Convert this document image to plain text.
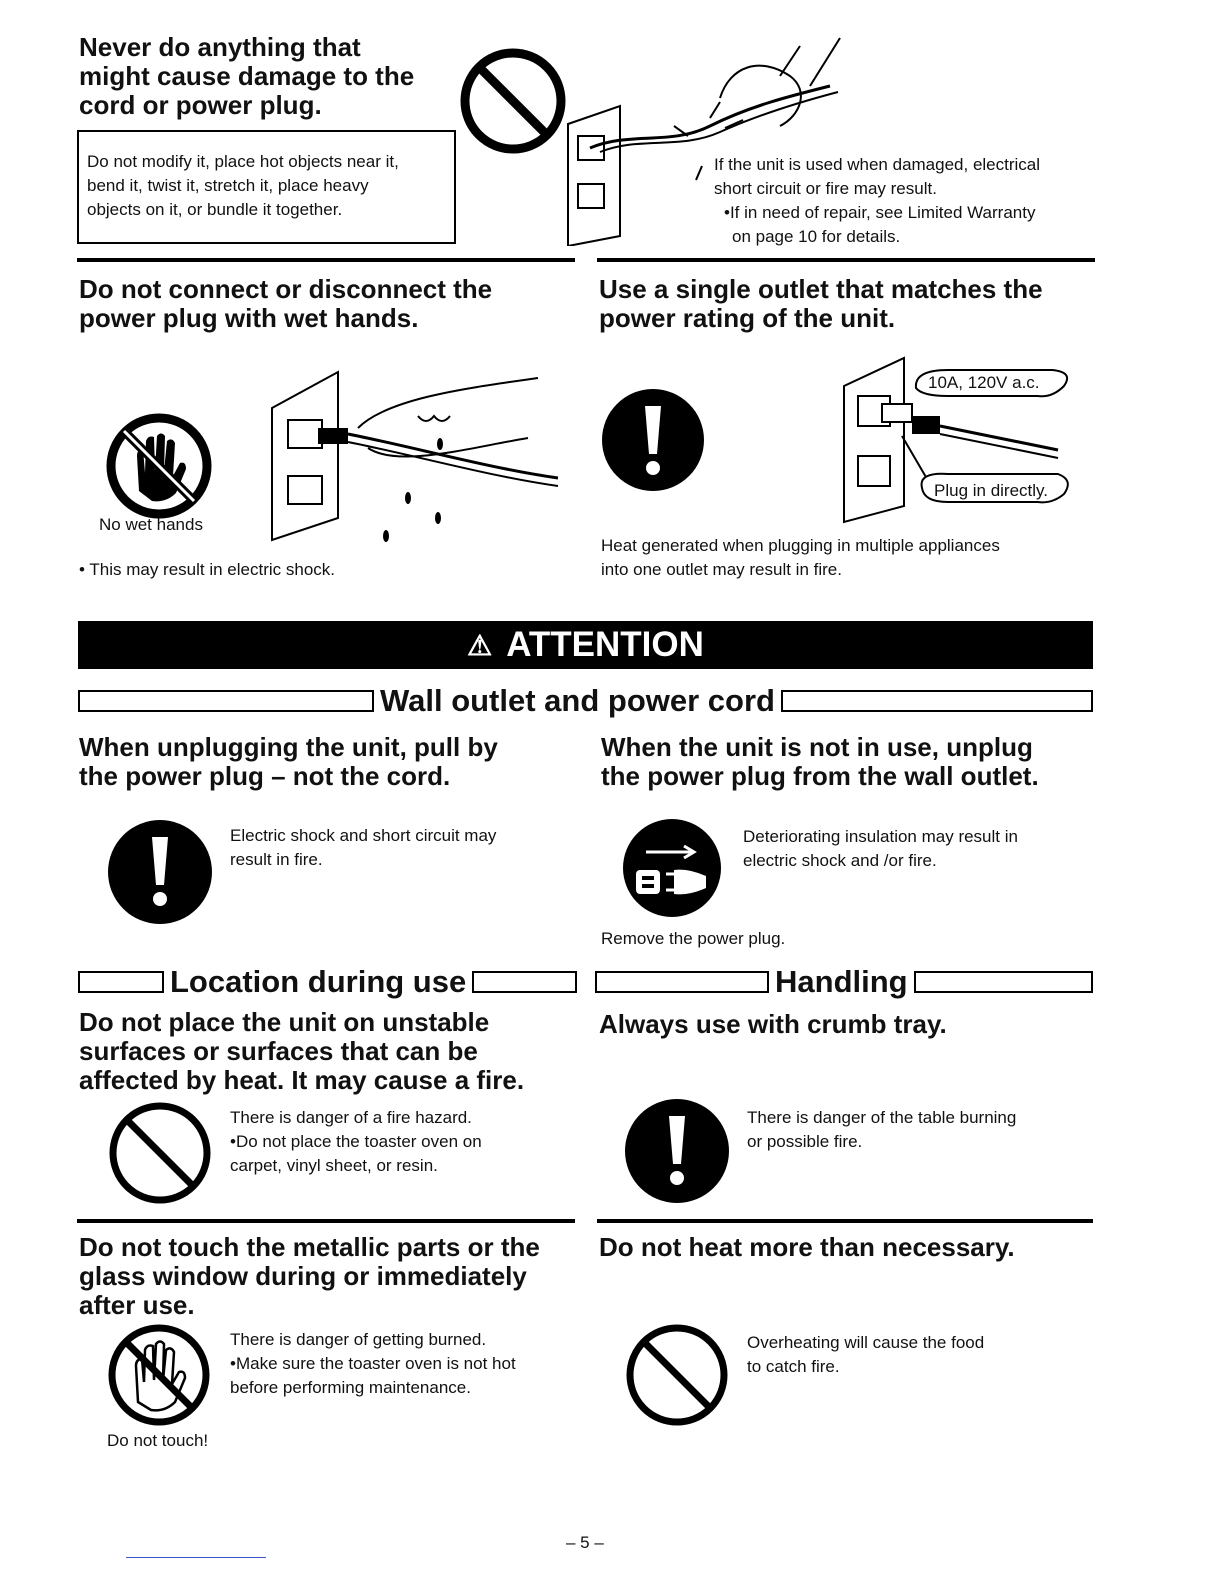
Never do anything that
might cause damage to the
cord or power plug.
Do not modify it, place hot objects near it,
bend it, twist it, stretch it, place heavy
objects on it, or bundle it together.
If the unit is used when damaged, electrical
short circuit or fire may result.
•If in need of repair, see Limited Warranty
on page 10 for details.
Do not connect or disconnect the
power plug with wet hands.
No wet hands
• This may result in electric shock.
Use a single outlet that matches the
power rating of the unit.
10A, 120V a.c.
Plug in directly.
Heat generated when plugging in multiple appliances
into one outlet may result in fire.
⚠ ATTENTION
Wall outlet and power cord
When unplugging the unit, pull by
the power plug – not the cord.
Electric shock and short circuit may
result in fire.
When the unit is not in use, unplug
the power plug from the wall outlet.
Deteriorating insulation may result in
electric shock and /or fire.
Remove the power plug.
Location during use	Handling
Do not place the unit on unstable
surfaces or surfaces that can be
affected by heat. It may cause a fire.
There is danger of a fire hazard.
•Do not place the toaster oven on
carpet, vinyl sheet, or resin.
Always use with crumb tray.
There is danger of the table burning
or possible fire.
Do not touch the metallic parts or the
glass window during or immediately
after use.
There is danger of getting burned.
•Make sure the toaster oven is not hot
before performing maintenance.
Do not touch!
Do not heat more than necessary.
Overheating will cause the food
to catch fire.
– 5 –
